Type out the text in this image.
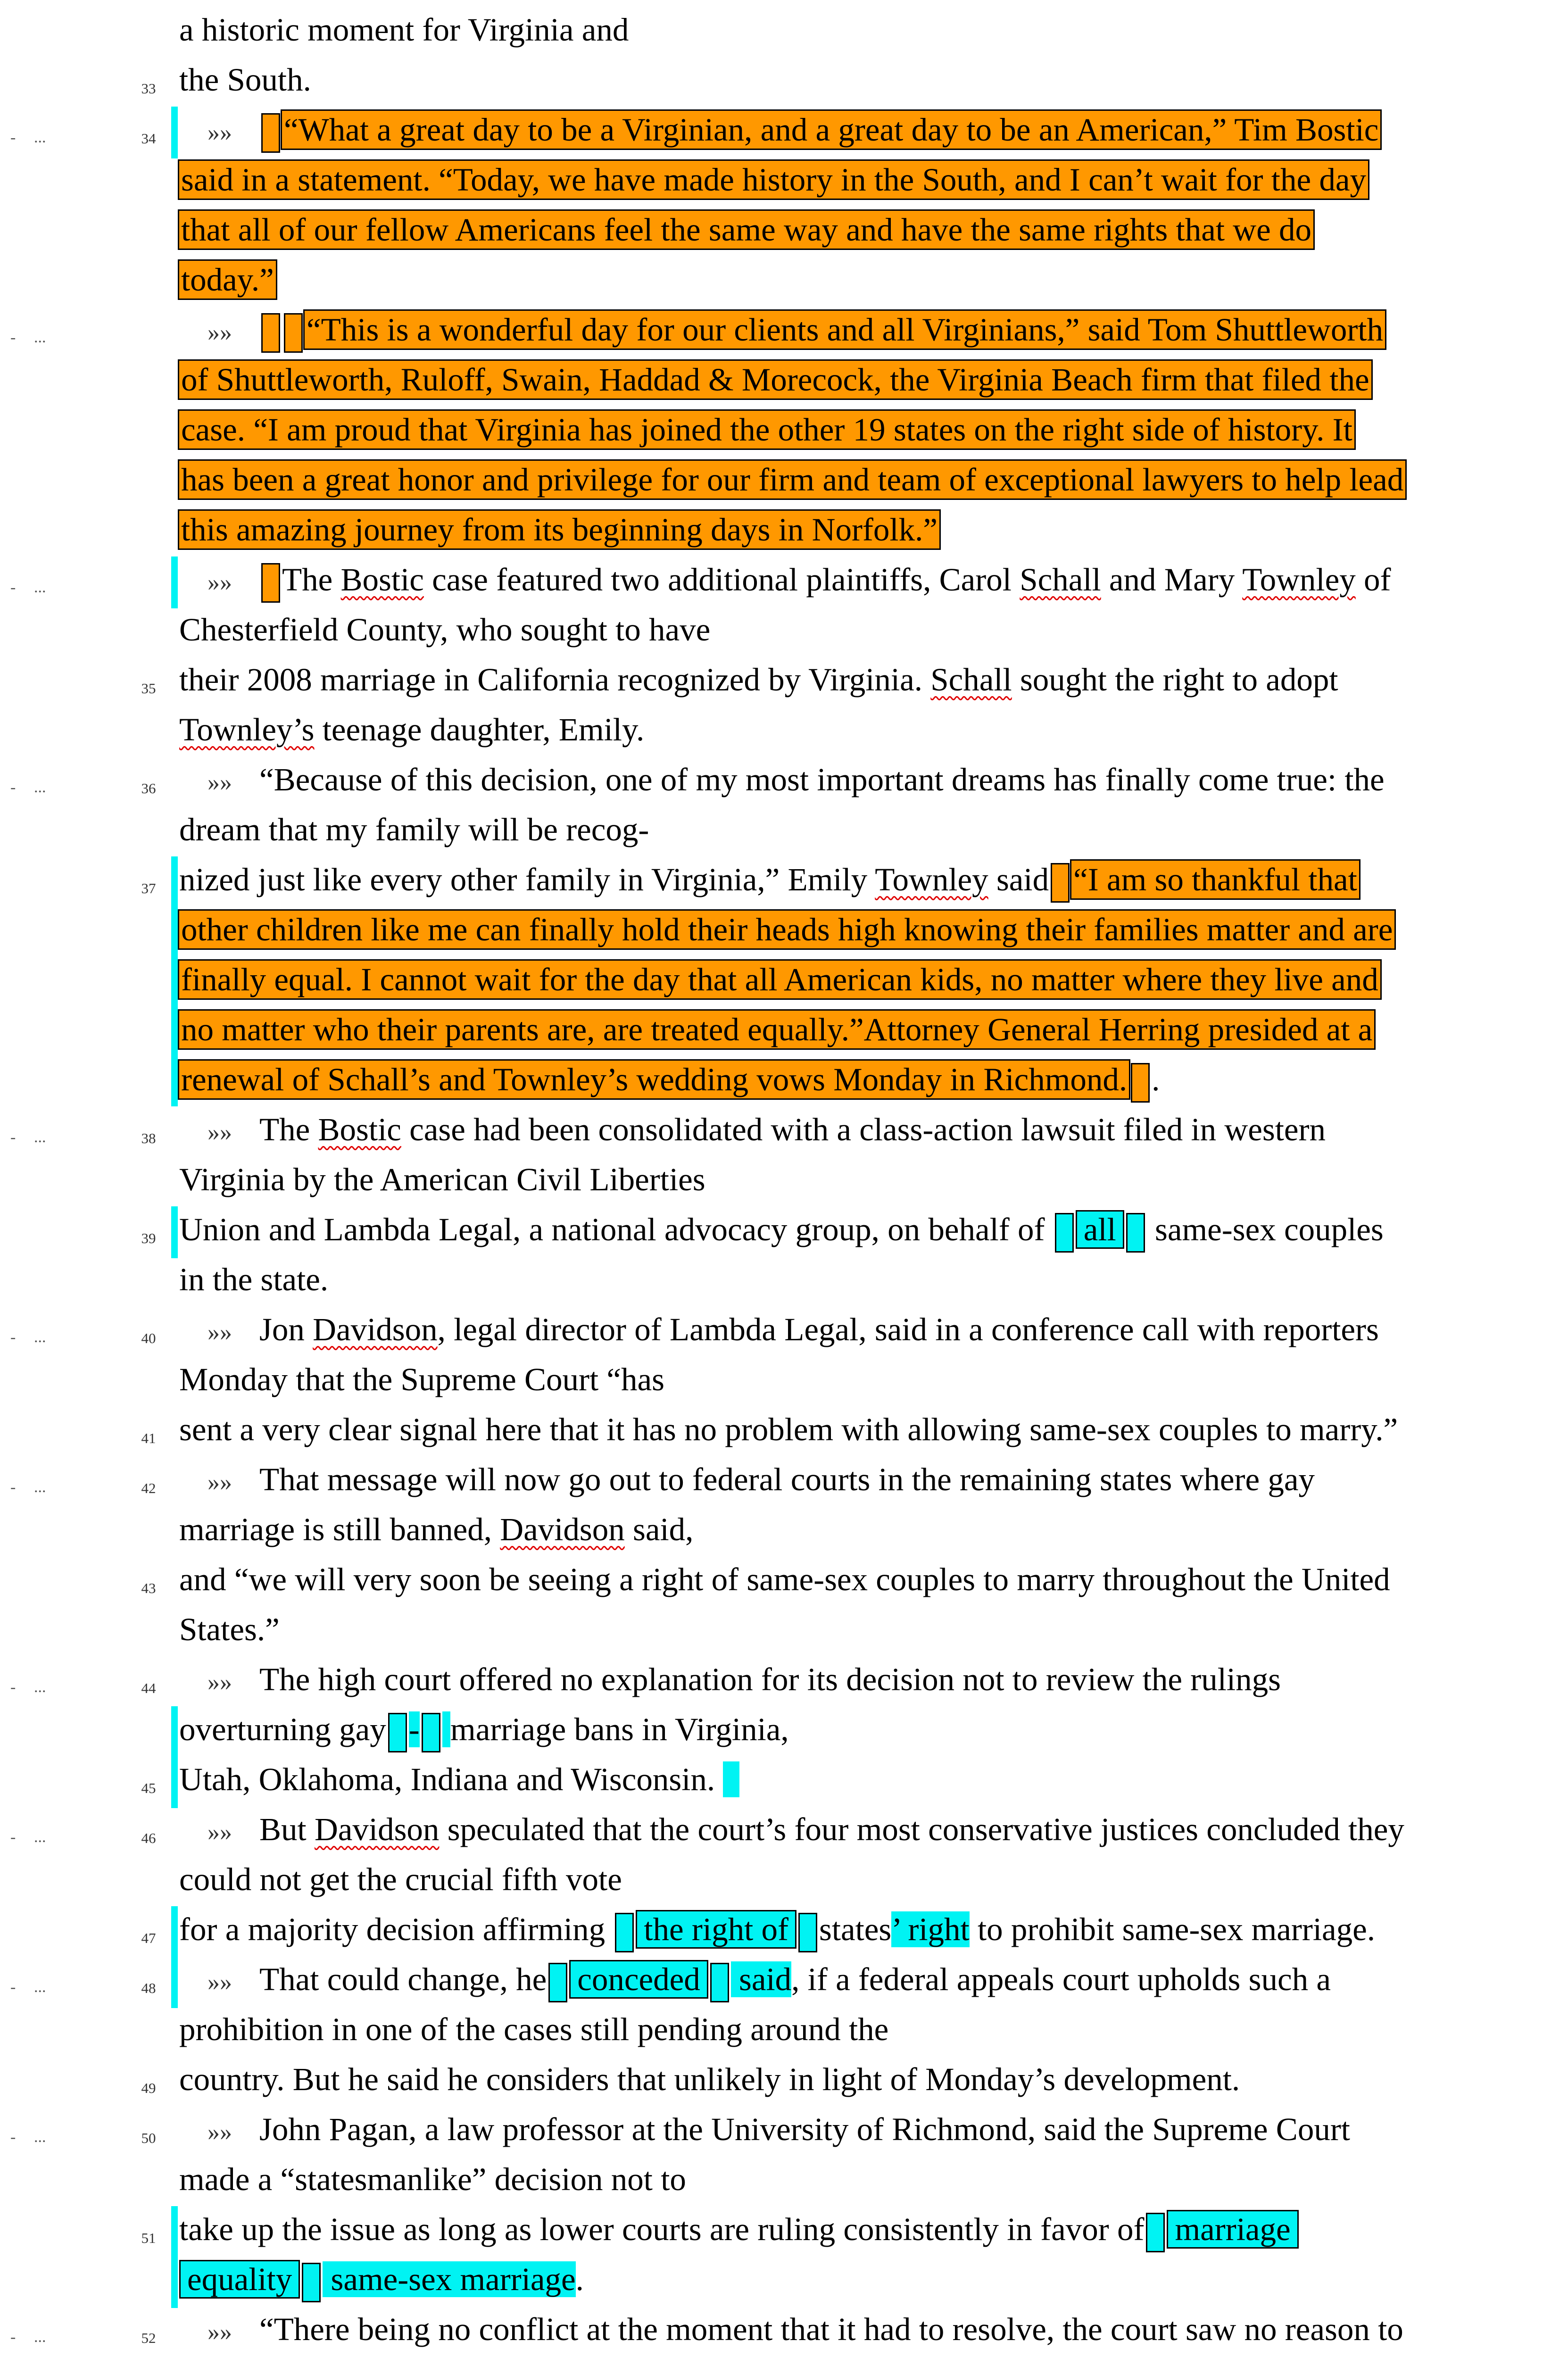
a historic moment for Virginia and
33 the South.
- ...	34	»» “What a great day to be a Virginian, and a great day to be an American,” Tim Bostic
said in a statement. “Today, we have made history in the South, and I can’t wait for the day
that all of our fellow Americans feel the same way and have the same rights that we do
today.”
- ...	»» “This is a wonderful day for our clients and all Virginians,” said Tom Shuttleworth
of Shuttleworth, Ruloff, Swain, Haddad & Morecock, the Virginia Beach firm that filed the
case. “I am proud that Virginia has joined the other 19 states on the right side of history. It
has been a great honor and privilege for our firm and team of exceptional lawyers to help lead
this amazing journey from its beginning days in Norfolk.”
- ...	»» The Bostic case featured two additional plaintiffs, Carol Schall and Mary Townley of
Chesterfield County, who sought to have
35 their 2008 marriage in California recognized by Virginia. Schall sought the right to adopt
Townley’s teenage daughter, Emily.
- ...	36	»» “Because of this decision, one of my most important dreams has finally come true: the
dream that my family will be recog-
37 nized just like every other family in Virginia,” Emily Townley said “I am so thankful that
other children like me can finally hold their heads high knowing their families matter and are
finally equal. I cannot wait for the day that all American kids, no matter where they live and
no matter who their parents are, are treated equally.”Attorney General Herring presided at a
renewal of Schall’s and Townley’s wedding vows Monday in Richmond. .
- ...	38	»» The Bostic case had been consolidated with a class-action lawsuit filed in western
Virginia by the American Civil Liberties
39 Union and Lambda Legal, a national advocacy group, on behalf of all same-sex couples
in the state.
- ...	40	»» Jon Davidson, legal director of Lambda Legal, said in a conference call with reporters
Monday that the Supreme Court “has
41 sent a very clear signal here that it has no problem with allowing same-sex couples to marry.”
- ...	42	»» That message will now go out to federal courts in the remaining states where gay
marriage is still banned, Davidson said,
43 and “we will very soon be seeing a right of same-sex couples to marry throughout the United
States.”
- ...	44	»» The high court offered no explanation for its decision not to review the rulings
overturning gay - marriage bans in Virginia,
45 Utah, Oklahoma, Indiana and Wisconsin.
- ...	46	»» But Davidson speculated that the court’s four most conservative justices concluded they
could not get the crucial fifth vote
47 for a majority decision affirming the right of states’ right to prohibit same-sex marriage.
- ...	48	»» That could change, he conceded said, if a federal appeals court upholds such a
prohibition in one of the cases still pending around the
49 country. But he said he considers that unlikely in light of Monday’s development.
- ...	50	»» John Pagan, a law professor at the University of Richmond, said the Supreme Court
made a “statesmanlike” decision not to
51 take up the issue as long as lower courts are ruling consistently in favor of marriage
equality same-sex marriage.
- ...	52	»» “There being no conflict at the moment that it had to resolve, the court saw no reason to
